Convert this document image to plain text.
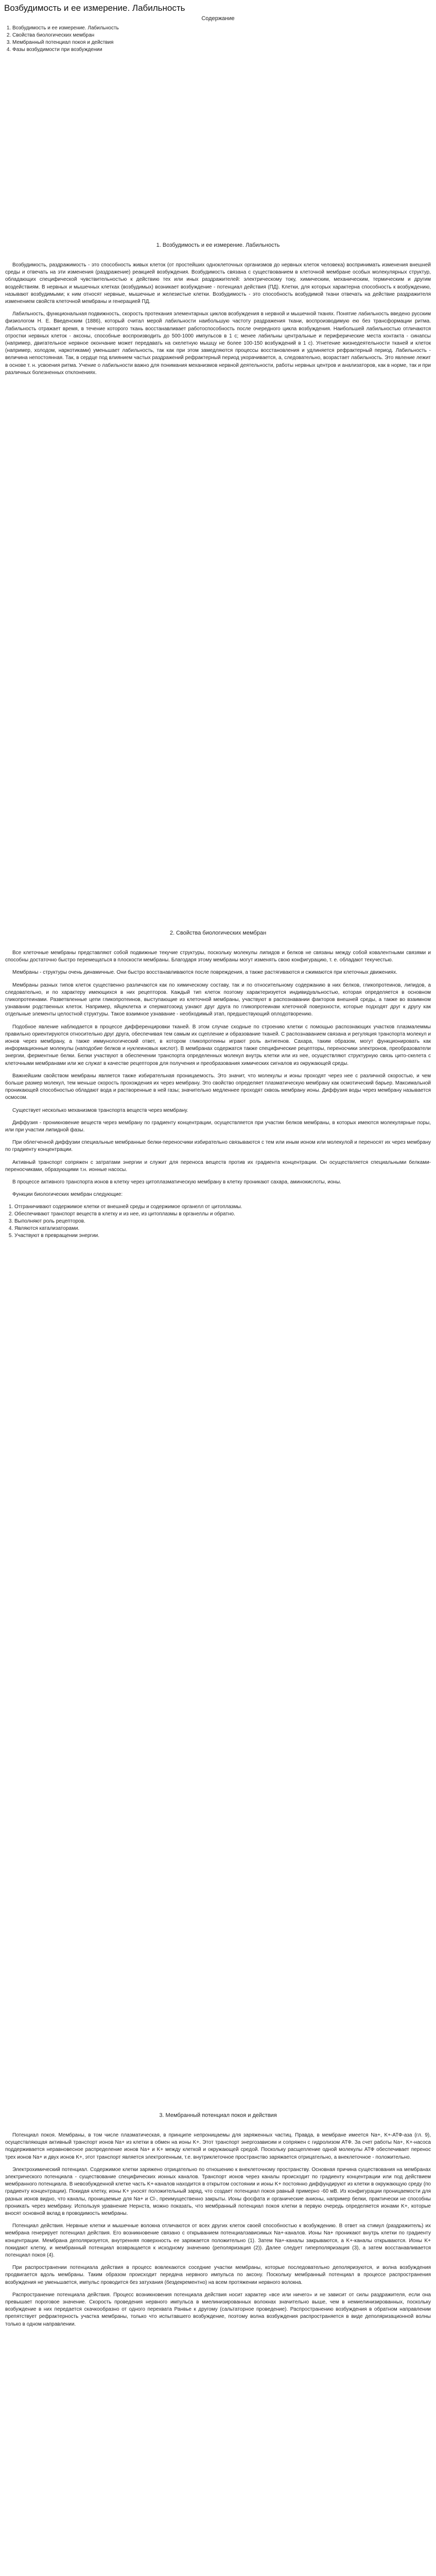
Возбудимость и ее измерение. Лабильность
Содержание
1. Возбудимость и ее измерение. Лабильность
2. Свойства биологических мембран
3. Мембранный потенциал покоя и действия
4. Фазы возбудимости при возбуждении
1. Возбудимость и ее измерение. Лабильность

Возбудимость, раздражимость - это способность живых клеток (от простейших одноклеточных организмов до нервных клеток человека) воспринимать изменения внешней среды и отвечать на эти изменения (раздражение) реакцией возбуждения. Возбудимость связана с существованием в клеточной мембране особых молекулярных структур, обладающих специфической чувствительностью к действию тех или иных раздражителей: электрическому току, химическим, механическим, термическим и другим воздействиям. В нервных и мышечных клетках (возбудимых) возникает возбуждение - потенциал действия (ПД). Клетки, для которых характерна способность к возбуждению, называют возбудимыми; к ним относят нервные, мышечные и железистые клетки. Возбудимость - это способность возбудимой ткани отвечать на действие раздражителя изменением свойств клеточной мембраны и генерацией ПД.

Лабильность, функциональная подвижность, скорость протекания элементарных циклов возбуждения в нервной и мышечной тканях. Понятие лабильность введено русским физиологом Н. Е. Введенским (1886), который считал мерой лабильности наибольшую частоту раздражения ткани, воспроизводимую ею без трансформации ритма. Лабильность отражает время, в течение которого ткань восстанавливает работоспособность после очередного цикла возбуждения. Наибольшей лабильностью отличаются отростки нервных клеток - аксоны, способные воспроизводить до 500-1000 импульсов в 1 с; менее лабильны центральные и периферические места контакта - синапсы (например, двигательное нервное окончание может передавать на скелетную мышцу не более 100-150 возбуждений в 1 с). Угнетение жизнедеятельности тканей и клеток (например, холодом, наркотиками) уменьшает лабильность, так как при этом замедляются процессы восстановления и удлиняется рефрактерный период. Лабильность - величина непостоянная. Так, в сердце под влиянием частых раздражений рефрактерный период укорачивается, а, следовательно, возрастает лабильность. Это явление лежит в основе т. н. усвоения ритма. Учение о лабильности важно для понимания механизмов нервной деятельности, работы нервных центров и анализаторов, как в норме, так и при различных болезненных отклонениях.

2. Свойства биологических мембран

Все клеточные мембраны представляют собой подвижные текучие структуры, поскольку молекулы липидов и белков не связаны между собой ковалентными связями и способны достаточно быстро перемещаться в плоскости мембраны. Благодаря этому мембраны могут изменять свою конфигурацию, т. е. обладают текучестью.

Мембраны - структуры очень динамичные. Они быстро восстанавливаются после повреждения, а также растягиваются и сжимаются при клеточных движениях.

Мембраны разных типов клеток существенно различаются как по химическому составу, так и по относительному содержанию в них белков, гликопротеинов, липидов, а следовательно, и по характеру имеющихся в них рецепторов. Каждый тип клеток поэтому характеризуется индивидуальностью, которая определяется в основном гликопротеинами. Разветвленные цепи гликопротеинов, выступающие из клеточной мембраны, участвуют в распознавании факторов внешней среды, а также во взаимном узнавании родственных клеток. Например, яйцеклетка и сперматозоид узнают друг друга по гликопротеинам клеточной поверхности, которые подходят друг к другу как отдельные элементы целостной структуры. Такое взаимное узнавание - необходимый этап, предшествующий оплодотворению.

Подобное явление наблюдается в процессе дифференцировки тканей. В этом случае сходные по строению клетки с помощью распознающих участков плазмалеммы правильно ориентируются относительно друг друга, обеспечивая тем самым их сцепление и образование тканей. С распознаванием связана и регуляция транспорта молекул и ионов через мембрану, а также иммунологический ответ, в котором гликопротеины играют роль антигенов. Сахара, таким образом, могут функционировать как информационные молекулы (наподобие белков и нуклеиновых кислот). В мембранах содержатся также специфические рецепторы, переносчики электронов, преобразователи энергии, ферментные белки. Белки участвуют в обеспечении транспорта определенных молекул внутрь клетки или из нее, осуществляют структурную связь цито-скелета с клеточными мембранами или же служат в качестве рецепторов для получения и преобразования химических сигналов из окружающей среды.

Важнейшим свойством мембраны является также избирательная проницаемость. Это значит, что молекулы и ионы проходят через нее с различной скоростью, и чем больше размер молекул, тем меньше скорость прохождения их через мембрану. Это свойство определяет плазматическую мембрану как осмотический барьер. Максимальной проникающей способностью обладают вода и растворенные в ней газы; значительно медленнее проходят сквозь мембрану ионы. Диффузия воды через мембрану называется осмосом.

Существует несколько механизмов транспорта веществ через мембрану.

Диффузия - проникновение веществ через мембрану по градиенту концентрации, осуществляется при участии белков мембраны, в которых имеются молекулярные поры, или при участии липидной фазы.

При облегченной диффузии специальные мембранные белки-переносчики избирательно связываются с тем или иным ионом или молекулой и переносят их через мембрану по градиенту концентрации.

Активный транспорт сопряжен с затратами энергии и служит для переноса веществ против их градиента концентрации. Он осуществляется специальными белками-переносчиками, образующими т.н. ионные насосы.

В процессе активного транспорта ионов в клетку через цитоплазматическую мембрану в клетку проникают сахара, аминокислоты, ионы.

Функции биологических мембран следующие:

1. Отграничивают содержимое клетки от внешней среды и содержимое органелл от цитоплазмы.
2. Обеспечивают транспорт веществ в клетку и из нее, из цитоплазмы в органеллы и обратно.
3. Выполняют роль рецепторов.
4. Являются катализаторами.
5. Участвуют в превращении энергии.
3. Мембранный потенциал покоя и действия

Потенциал покоя. Мембраны, в том числе плазматическая, в принципе непроницаемы для заряженных частиц. Правда, в мембране имеется Na+, K+-АТФ-аза (гл. 9), осуществляющая активный транспорт ионов Na+ из клетки в обмен на ионы K+. Этот транспорт энергозависим и сопряжен с гидролизом АТФ. За счет работы Na+, K+-насоса поддерживается неравновесное распределение ионов Na+ и K+ между клеткой и окружающей средой. Поскольку расщепление одной молекулы АТФ обеспечивает перенос трех ионов Na+ и двух ионов K+, этот транспорт является электрогенным, т.е. внутриклеточное пространство заряжается отрицательно, а внеклеточное - положительно.

Электрохимический потенциал. Содержимое клетки заряжено отрицательно по отношению к внеклеточному пространству. Основная причина существования на мембранах электрического потенциала - существование специфических ионных каналов. Транспорт ионов через каналы происходит по градиенту концентрации или под действием мембранного потенциала. В невозбужденной клетке часть K+-каналов находится в открытом состоянии и ионы K+ постоянно диффундируют из клетки в окружающую среду (по градиенту концентрации). Покидая клетку, ионы K+ уносят положительный заряд, что создает потенциал покоя равный примерно -60 мВ. Из конфигурации проницаемости для разных ионов видно, что каналы, проницаемые для Na+ и Cl-, преимущественно закрыты. Ионы фосфата и органические анионы, например белки, практически не способны проникать через мембрану. Используя уравнение Нернста, можно показать, что мембранный потенциал покоя клетки в первую очередь определяется ионами K+, которые вносят основной вклад в проводимость мембраны.

Потенциал действия. Нервные клетки и мышечные волокна отличаются от всех других клеток своей способностью к возбуждению. В ответ на стимул (раздражитель) их мембрана генерирует потенциал действия. Его возникновение связано с открыванием потенциалзависимых Na+-каналов. Ионы Na+ проникают внутрь клетки по градиенту концентрации. Мембрана деполяризуется, внутренняя поверхность ее заряжается положительно (1). Затем Na+-каналы закрываются, а K+-каналы открываются. Ионы K+ покидают клетку, и мембранный потенциал возвращается к исходному значению (реполяризация (2)). Далее следует гиперполяризация (3), а затем восстанавливается потенциал покоя (4).

При распространении потенциала действия в процесс вовлекаются соседние участки мембраны, которые последовательно деполяризуются, и волна возбуждения продвигается вдоль мембраны. Таким образом происходит передача нервного импульса по аксону. Поскольку мембранный потенциал в процессе распространения возбуждения не уменьшается, импульс проводится без затухания (бездекрементно) на всем протяжении нервного волокна.

Распространение потенциала действия. Процесс возникновения потенциала действия носит характер «все или ничего» и не зависит от силы раздражителя, если она превышает пороговое значение. Скорость проведения нервного импульса в миелинизированных волокнах значительно выше, чем в немиелинизированных, поскольку возбуждение в них передается скачкообразно от одного перехвата Ранвье к другому (сальтаторное проведение). Распространению возбуждения в обратном направлении препятствует рефрактерность участка мембраны, только что испытавшего возбуждение, поэтому волна возбуждения распространяется в виде деполяризационной волны только в одном направлении.
